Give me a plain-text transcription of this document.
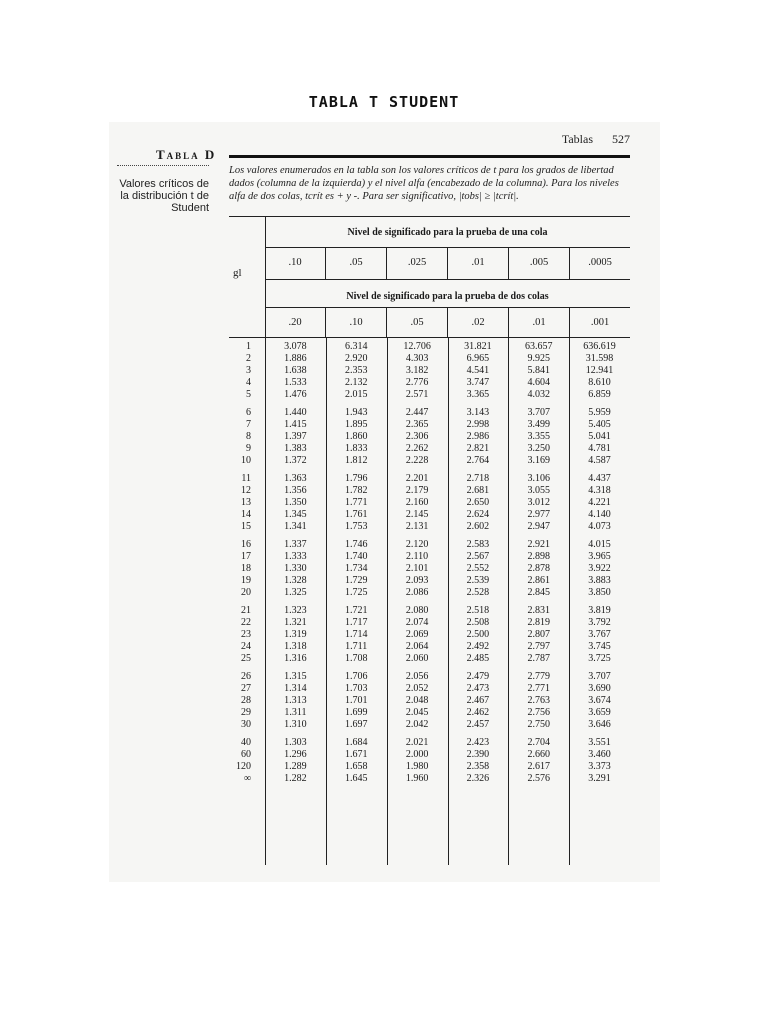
TABLA T STUDENT
Tablas 527
Tabla D
Valores críticos de la distribución t de Student
Los valores enumerados en la tabla son los valores críticos de t para los grados de libertad dados (columna de la izquierda) y el nivel alfa (encabezado de la columna). Para los niveles alfa de dos colas, tcrít es + y -. Para ser significativo, |tobs| ≥ |tcrít|.
gl
Nivel de significado para la prueba de una cola
.10	.05	.025	.01	.005	.0005
Nivel de significado para la prueba de dos colas
.20	.10	.05	.02	.01	.001
1	3.078	6.314	12.706	31.821	63.657	636.619
2	1.886	2.920	4.303	6.965	9.925	31.598
3	1.638	2.353	3.182	4.541	5.841	12.941
4	1.533	2.132	2.776	3.747	4.604	8.610
5	1.476	2.015	2.571	3.365	4.032	6.859
6	1.440	1.943	2.447	3.143	3.707	5.959
7	1.415	1.895	2.365	2.998	3.499	5.405
8	1.397	1.860	2.306	2.986	3.355	5.041
9	1.383	1.833	2.262	2.821	3.250	4.781
10	1.372	1.812	2.228	2.764	3.169	4.587
11	1.363	1.796	2.201	2.718	3.106	4.437
12	1.356	1.782	2.179	2.681	3.055	4.318
13	1.350	1.771	2.160	2.650	3.012	4.221
14	1.345	1.761	2.145	2.624	2.977	4.140
15	1.341	1.753	2.131	2.602	2.947	4.073
16	1.337	1.746	2.120	2.583	2.921	4.015
17	1.333	1.740	2.110	2.567	2.898	3.965
18	1.330	1.734	2.101	2.552	2.878	3.922
19	1.328	1.729	2.093	2.539	2.861	3.883
20	1.325	1.725	2.086	2.528	2.845	3.850
21	1.323	1.721	2.080	2.518	2.831	3.819
22	1.321	1.717	2.074	2.508	2.819	3.792
23	1.319	1.714	2.069	2.500	2.807	3.767
24	1.318	1.711	2.064	2.492	2.797	3.745
25	1.316	1.708	2.060	2.485	2.787	3.725
26	1.315	1.706	2.056	2.479	2.779	3.707
27	1.314	1.703	2.052	2.473	2.771	3.690
28	1.313	1.701	2.048	2.467	2.763	3.674
29	1.311	1.699	2.045	2.462	2.756	3.659
30	1.310	1.697	2.042	2.457	2.750	3.646
40	1.303	1.684	2.021	2.423	2.704	3.551
60	1.296	1.671	2.000	2.390	2.660	3.460
120	1.289	1.658	1.980	2.358	2.617	3.373
∞	1.282	1.645	1.960	2.326	2.576	3.291
